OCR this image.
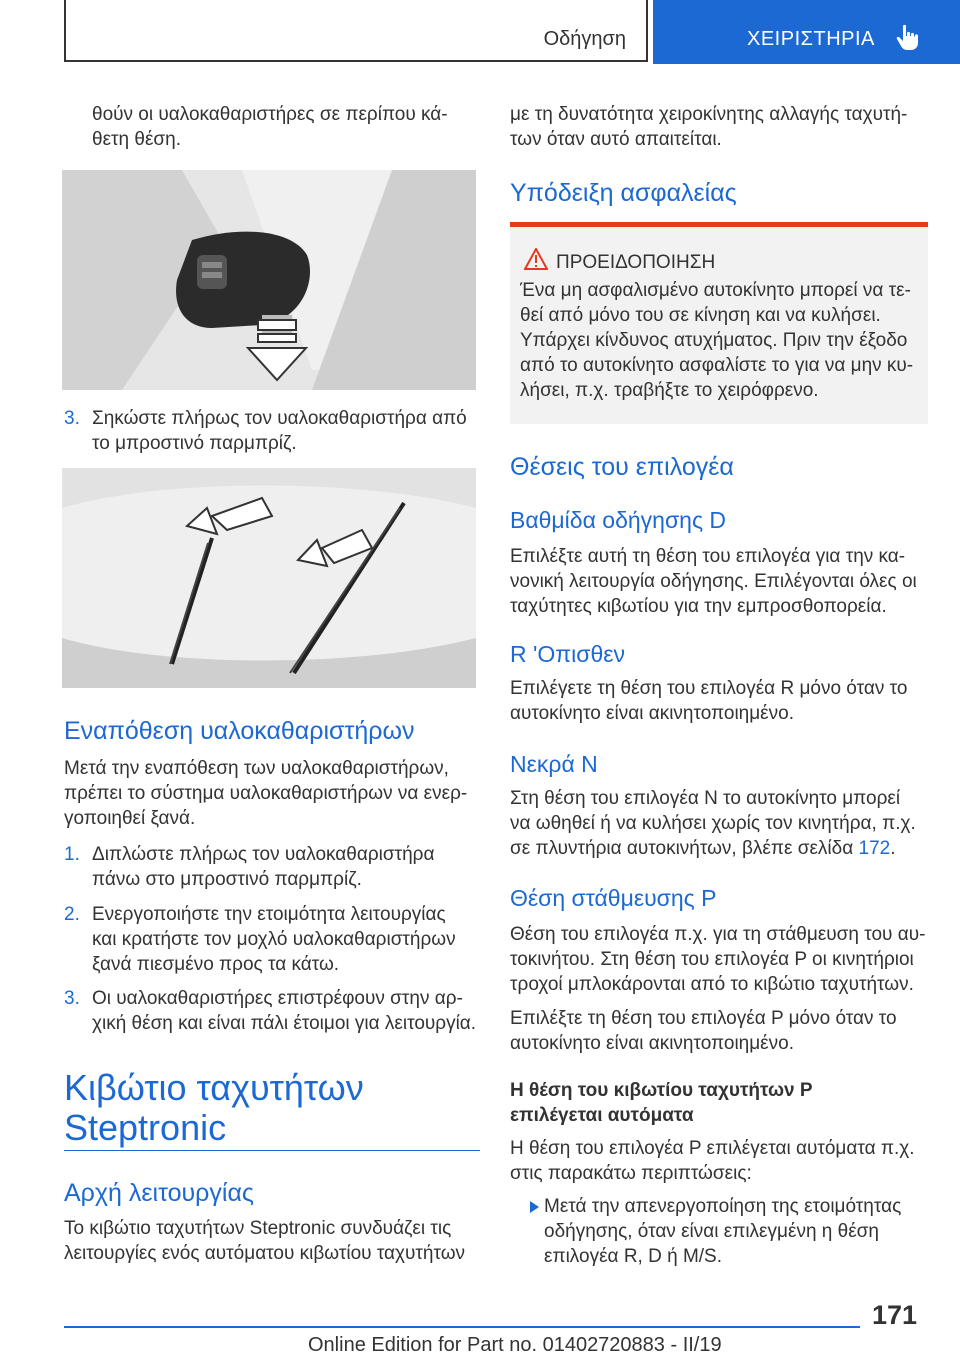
Οδήγηση	ΧΕΙΡΙΣΤΗΡΙΑ

θούν οι υαλοκαθαριστήρες σε περίπου κά-

θετη θέση.

3. Σηκώστε πλήρως τον υαλοκαθαριστήρα από

το μπροστινό παρμπρίζ.

Εναπόθεση υαλοκαθαριστήρων

Μετά την εναπόθεση των υαλοκαθαριστήρων,

πρέπει το σύστημα υαλοκαθαριστήρων να ενερ-

γοποιηθεί ξανά.

1. Διπλώστε πλήρως τον υαλοκαθαριστήρα

πάνω στο μπροστινό παρμπρίζ.

2. Ενεργοποιήστε την ετοιμότητα λειτουργίας

και κρατήστε τον μοχλό υαλοκαθαριστήρων

ξανά πιεσμένο προς τα κάτω.

3. Οι υαλοκαθαριστήρες επιστρέφουν στην αρ-

χική θέση και είναι πάλι έτοιμοι για λειτουργία.

Κιβώτιο ταχυτήτων
Steptronic
Αρχή λειτουργίας

Το κιβώτιο ταχυτήτων Steptronic συνδυάζει τις

λειτουργίες ενός αυτόματου κιβωτίου ταχυτήτων

με τη δυνατότητα χειροκίνητης αλλαγής ταχυτή-

των όταν αυτό απαιτείται.

Υπόδειξη ασφαλείας
ΠΡΟΕΙΔΟΠΟΙΗΣΗ

Ένα μη ασφαλισμένο αυτοκίνητο μπορεί να τε-

θεί από μόνο του σε κίνηση και να κυλήσει.

Υπάρχει κίνδυνος ατυχήματος. Πριν την έξοδο

από το αυτοκίνητο ασφαλίστε το για να μην κυ-

λήσει, π.χ. τραβήξτε το χειρόφρενο.

Θέσεις του επιλογέα
Βαθμίδα οδήγησης D

Επιλέξτε αυτή τη θέση του επιλογέα για την κα-

νονική λειτουργία οδήγησης. Επιλέγονται όλες οι

ταχύτητες κιβωτίου για την εμπροσθοπορεία.

R 'Οπισθεν

Επιλέγετε τη θέση του επιλογέα R μόνο όταν το

αυτοκίνητο είναι ακινητοποιημένο.

Νεκρά N

Στη θέση του επιλογέα N το αυτοκίνητο μπορεί

να ωθηθεί ή να κυλήσει χωρίς τον κινητήρα, π.χ.

σε πλυντήρια αυτοκινήτων, βλέπε σελίδα 172.

Θέση στάθμευσης P

Θέση του επιλογέα π.χ. για τη στάθμευση του αυ-

τοκινήτου. Στη θέση του επιλογέα P οι κινητήριοι

τροχοί μπλοκάρονται από το κιβώτιο ταχυτήτων.

Επιλέξτε τη θέση του επιλογέα P μόνο όταν το

αυτοκίνητο είναι ακινητοποιημένο.

Η θέση του κιβωτίου ταχυτήτων P

επιλέγεται αυτόματα

Η θέση του επιλογέα P επιλέγεται αυτόματα π.χ.

στις παρακάτω περιπτώσεις:

Μετά την απενεργοποίηση της ετοιμότητας

οδήγησης, όταν είναι επιλεγμένη η θέση

επιλογέα R, D ή M/S.

171
Online Edition for Part no. 01402720883 - II/19
